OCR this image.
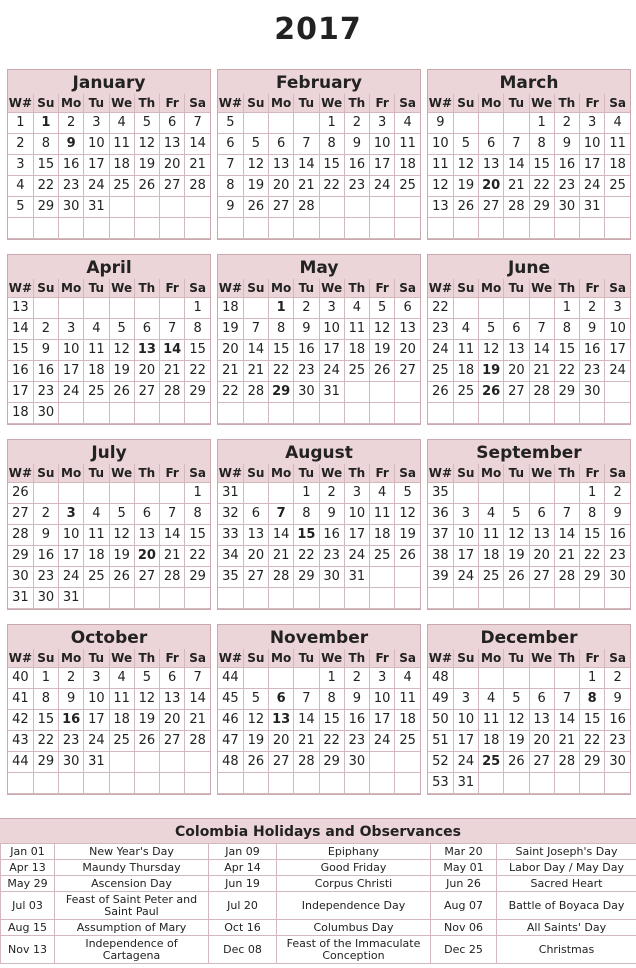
2017
January
W#	Su	Mo	Tu	We	Th	Fr	Sa
1	1	2	3	4	5	6	7
2	8	9	10	11	12	13	14
3	15	16	17	18	19	20	21
4	22	23	24	25	26	27	28
5	29	30	31				

February
W#	Su	Mo	Tu	We	Th	Fr	Sa
5				1	2	3	4
6	5	6	7	8	9	10	11
7	12	13	14	15	16	17	18
8	19	20	21	22	23	24	25
9	26	27	28				

March
W#	Su	Mo	Tu	We	Th	Fr	Sa
9				1	2	3	4
10	5	6	7	8	9	10	11
11	12	13	14	15	16	17	18
12	19	20	21	22	23	24	25
13	26	27	28	29	30	31	

April
W#	Su	Mo	Tu	We	Th	Fr	Sa
13							1
14	2	3	4	5	6	7	8
15	9	10	11	12	13	14	15
16	16	17	18	19	20	21	22
17	23	24	25	26	27	28	29
18	30						
May
W#	Su	Mo	Tu	We	Th	Fr	Sa
18		1	2	3	4	5	6
19	7	8	9	10	11	12	13
20	14	15	16	17	18	19	20
21	21	22	23	24	25	26	27
22	28	29	30	31			

June
W#	Su	Mo	Tu	We	Th	Fr	Sa
22					1	2	3
23	4	5	6	7	8	9	10
24	11	12	13	14	15	16	17
25	18	19	20	21	22	23	24
26	25	26	27	28	29	30	

July
W#	Su	Mo	Tu	We	Th	Fr	Sa
26							1
27	2	3	4	5	6	7	8
28	9	10	11	12	13	14	15
29	16	17	18	19	20	21	22
30	23	24	25	26	27	28	29
31	30	31					
August
W#	Su	Mo	Tu	We	Th	Fr	Sa
31			1	2	3	4	5
32	6	7	8	9	10	11	12
33	13	14	15	16	17	18	19
34	20	21	22	23	24	25	26
35	27	28	29	30	31		

September
W#	Su	Mo	Tu	We	Th	Fr	Sa
35						1	2
36	3	4	5	6	7	8	9
37	10	11	12	13	14	15	16
38	17	18	19	20	21	22	23
39	24	25	26	27	28	29	30

October
W#	Su	Mo	Tu	We	Th	Fr	Sa
40	1	2	3	4	5	6	7
41	8	9	10	11	12	13	14
42	15	16	17	18	19	20	21
43	22	23	24	25	26	27	28
44	29	30	31				

November
W#	Su	Mo	Tu	We	Th	Fr	Sa
44				1	2	3	4
45	5	6	7	8	9	10	11
46	12	13	14	15	16	17	18
47	19	20	21	22	23	24	25
48	26	27	28	29	30		

December
W#	Su	Mo	Tu	We	Th	Fr	Sa
48						1	2
49	3	4	5	6	7	8	9
50	10	11	12	13	14	15	16
51	17	18	19	20	21	22	23
52	24	25	26	27	28	29	30
53	31						
Colombia Holidays and Observances
Jan 01	New Year's Day	Jan 09	Epiphany	Mar 20	Saint Joseph's Day
Apr 13	Maundy Thursday	Apr 14	Good Friday	May 01	Labor Day / May Day
May 29	Ascension Day	Jun 19	Corpus Christi	Jun 26	Sacred Heart
Jul 03	Feast of Saint Peter and Saint Paul	Jul 20	Independence Day	Aug 07	Battle of Boyaca Day
Aug 15	Assumption of Mary	Oct 16	Columbus Day	Nov 06	All Saints' Day
Nov 13	Independence of Cartagena	Dec 08	Feast of the Immaculate Conception	Dec 25	Christmas
